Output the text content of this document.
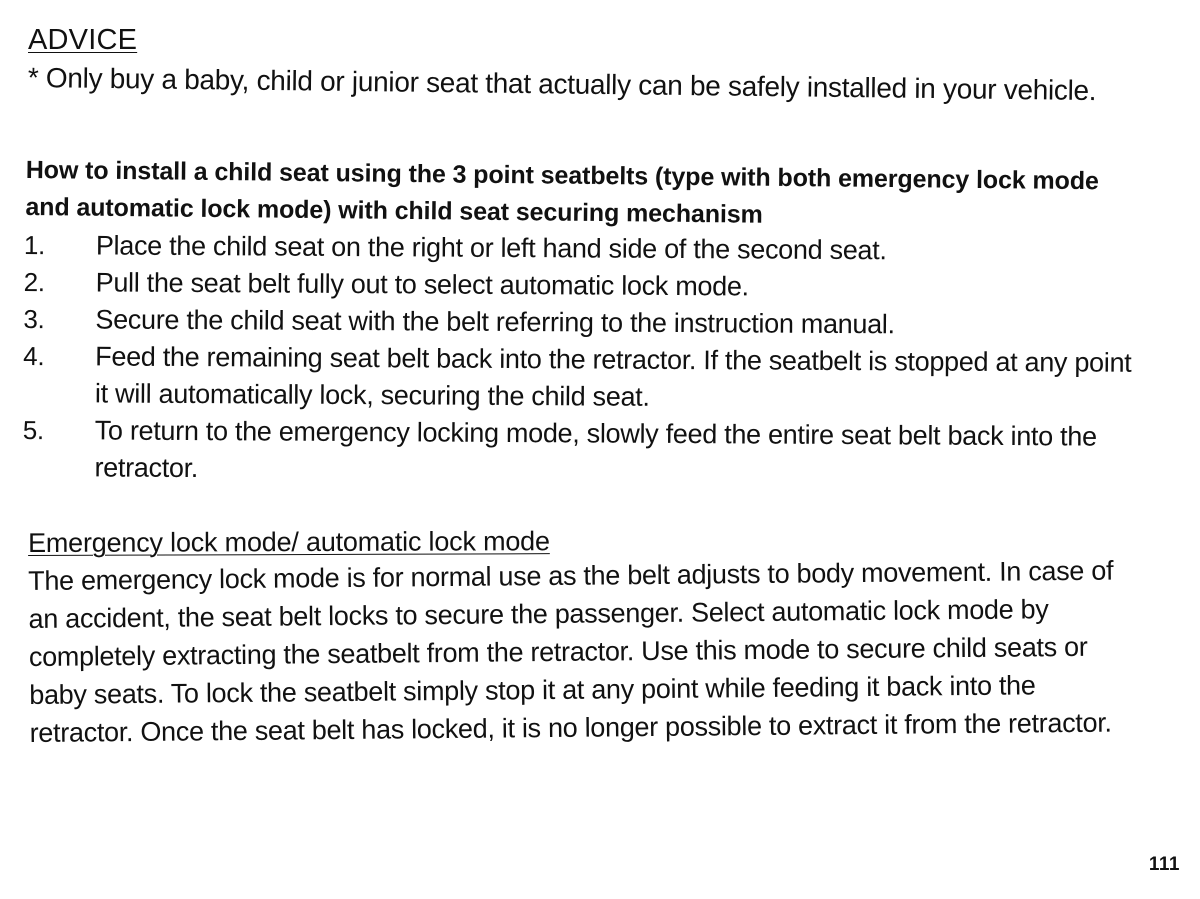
ADVICE
* Only buy a baby, child or junior seat that actually can be safely installed in your vehicle.
How to install a child seat using the 3 point seatbelts (type with both emergency lock mode and automatic lock mode) with child seat securing mechanism
1.	Place the child seat on the right or left hand side of the second seat.
2.	Pull the seat belt fully out to select automatic lock mode.
3.	Secure the child seat with the belt referring to the instruction manual.
4.	Feed the remaining seat belt back into the retractor. If the seatbelt is stopped at any point it will automatically lock, securing the child seat.
5.	To return to the emergency locking mode, slowly feed the entire seat belt back into the retractor.
Emergency lock mode/ automatic lock mode
The emergency lock mode is for normal use as the belt adjusts to body movement. In case of an accident, the seat belt locks to secure the passenger. Select automatic lock mode by completely extracting the seatbelt from the retractor. Use this mode to secure child seats or baby seats. To lock the seatbelt simply stop it at any point while feeding it back into the retractor. Once the seat belt has locked, it is no longer possible to extract it from the retractor.
111
